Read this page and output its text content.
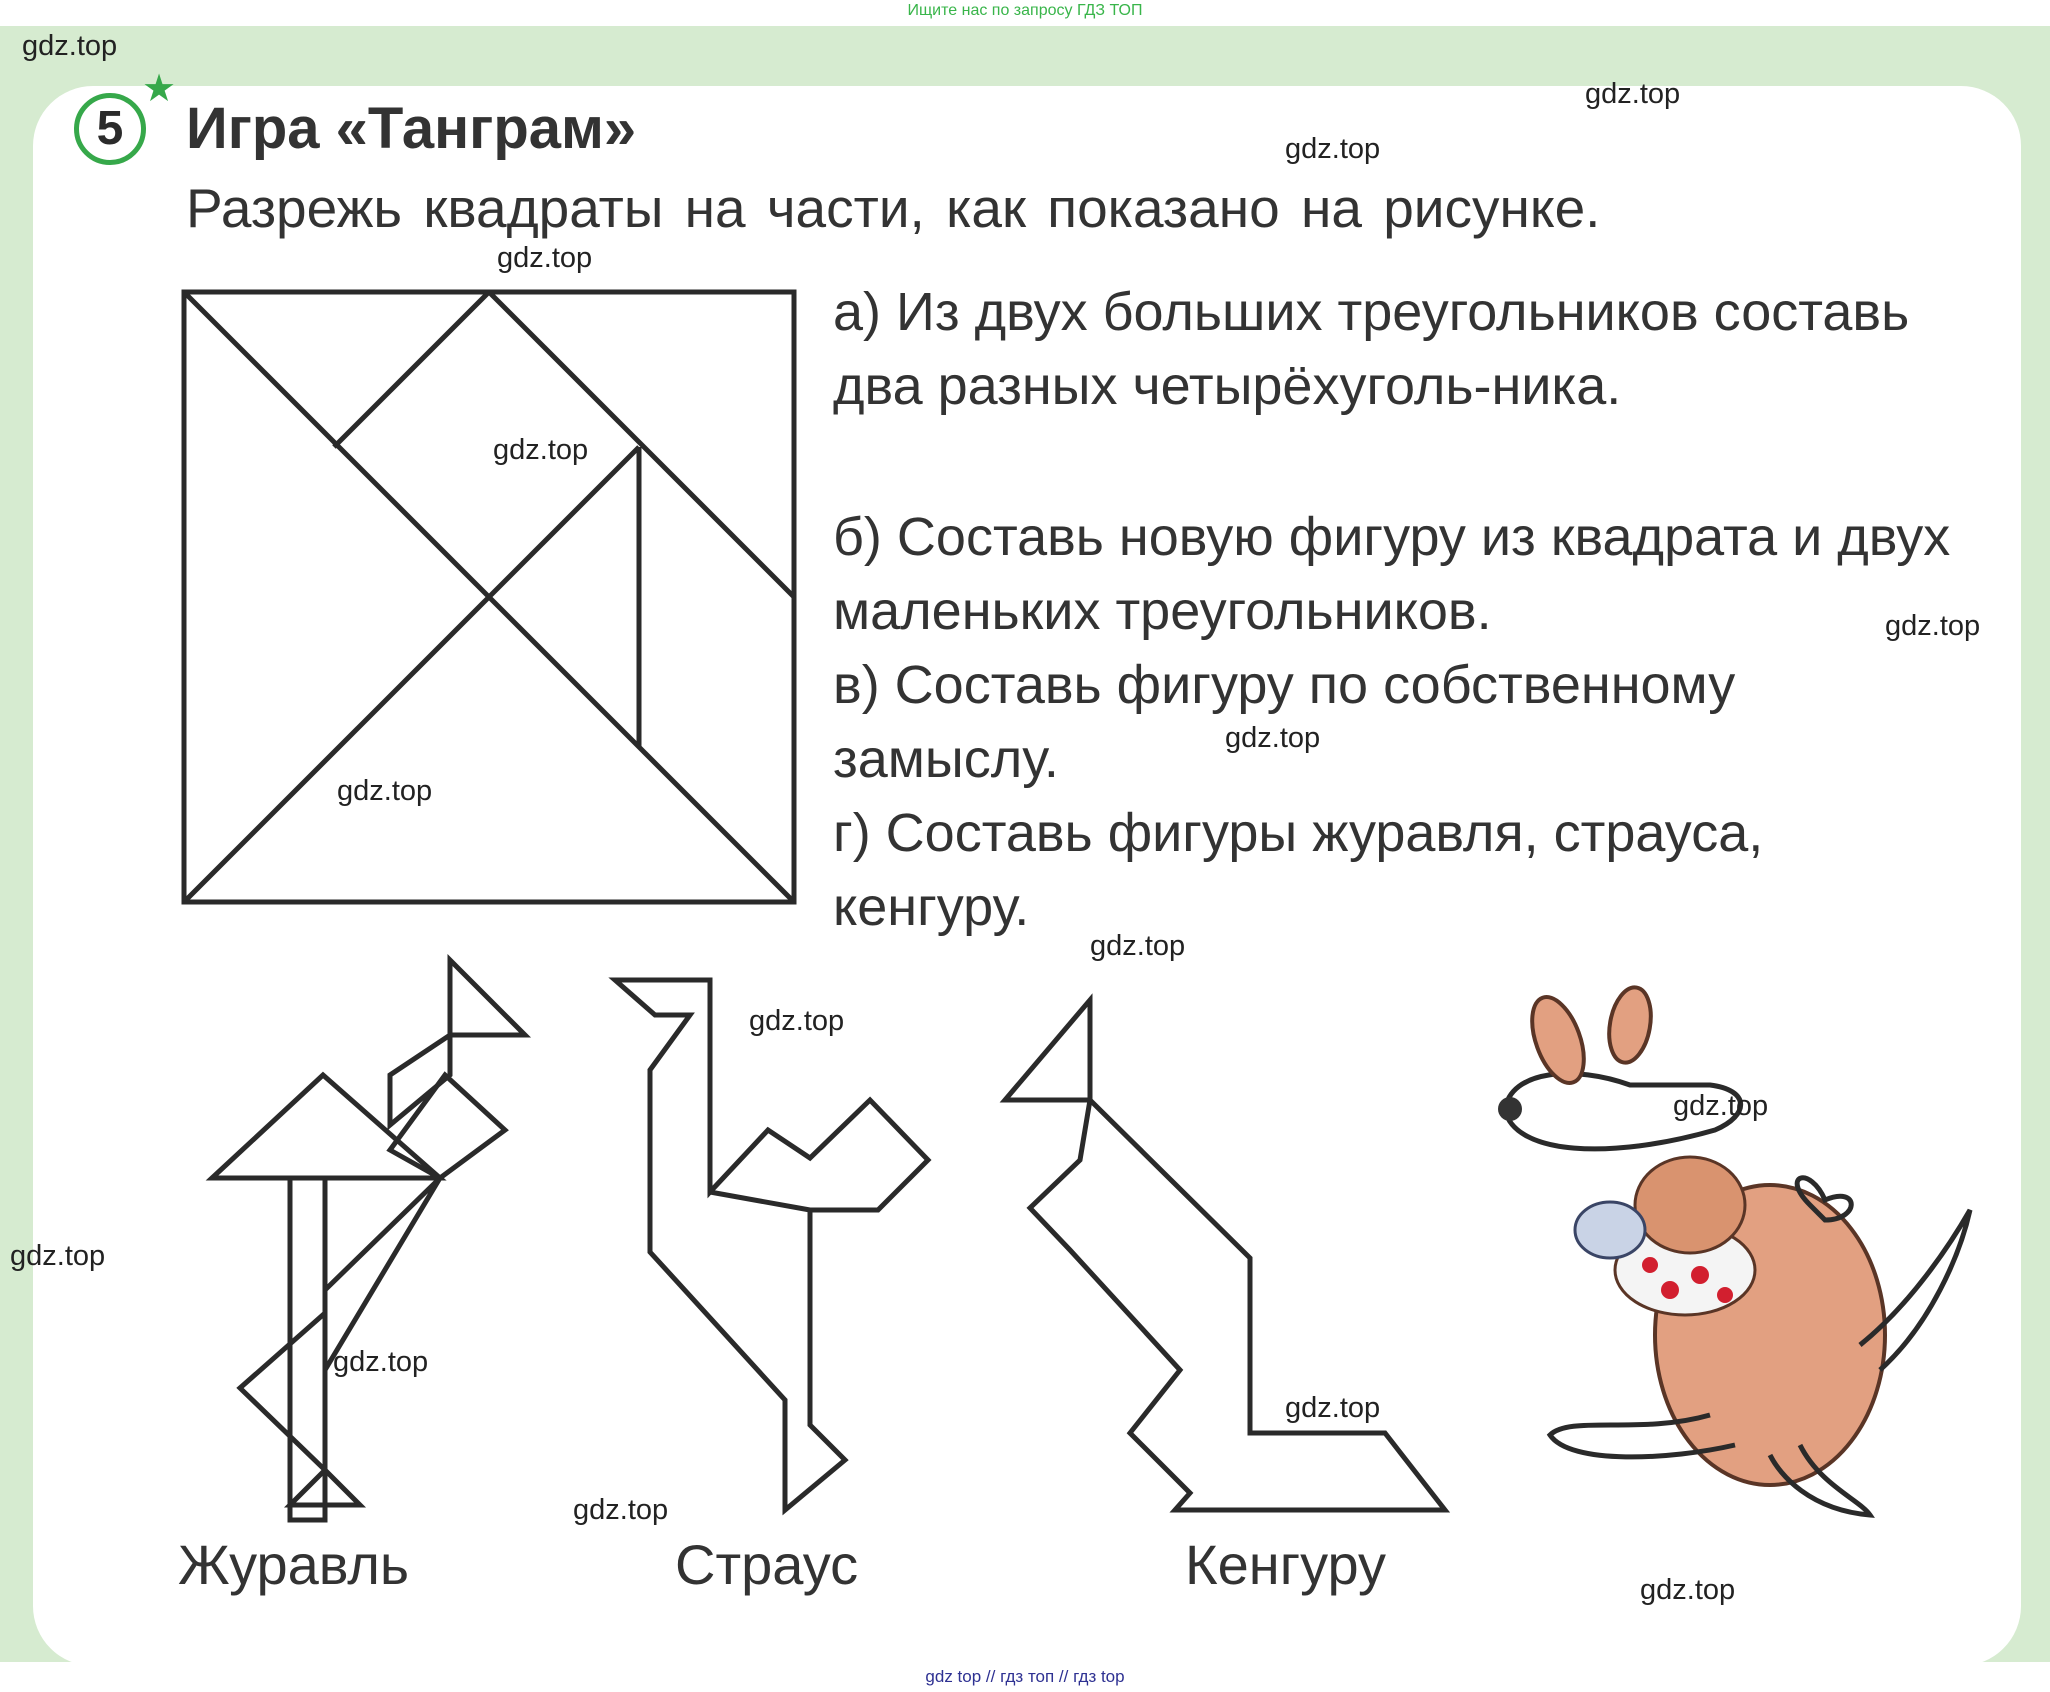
Ищите нас по запросу ГДЗ ТОП
5
★
Игра «Танграм»
Разрежь квадраты на части, как показано на рисунке.
а) Из двух больших треугольников составь два разных четырёхуголь-ника.
б) Составь новую фигуру из квадрата и двух маленьких треугольников.
в) Составь фигуру по собственному замыслу.
г) Составь фигуры журавля, страуса, кенгуру.
Журавль	Страус	Кенгуру
gdz.top
gdz.top
gdz.top
gdz.top
gdz.top
gdz.top
gdz.top
gdz.top
gdz.top
gdz.top
gdz.top
gdz.top
gdz.top
gdz.top
gdz.top
gdz.top
gdz top // гдз топ // гдз top
